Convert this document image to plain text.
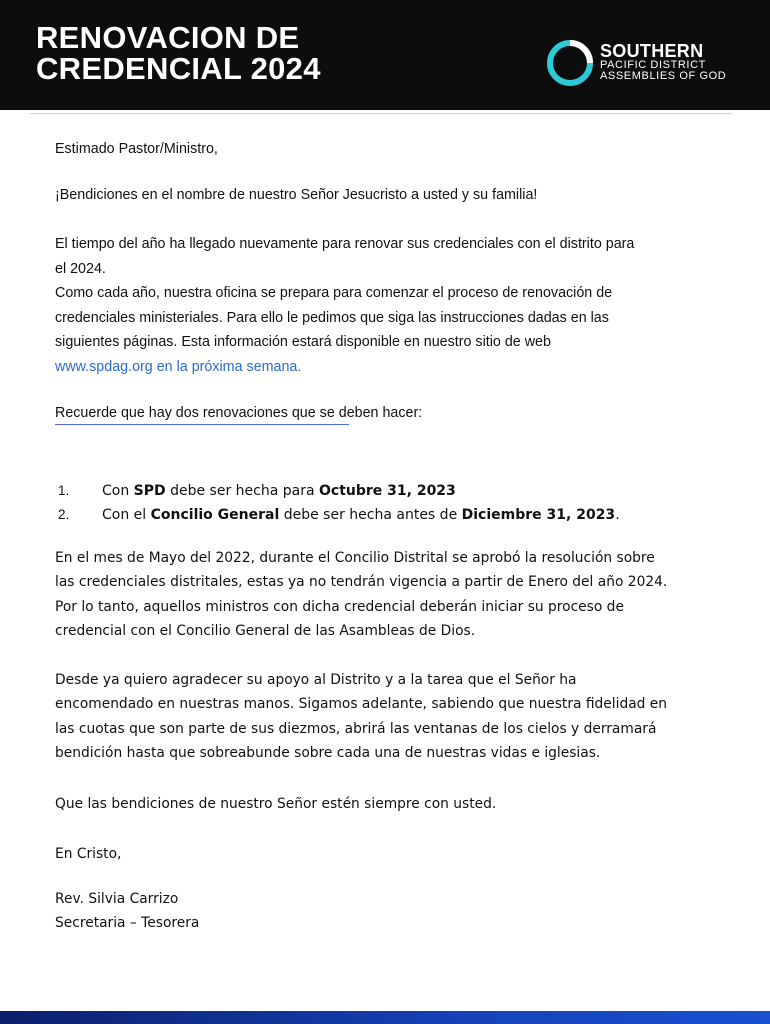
RENOVACION DE
CREDENCIAL 2024	SOUTHERN
PACIFIC DISTRICT
ASSEMBLIES OF GOD

Estimado Pastor/Ministro,

¡Bendiciones en el nombre de nuestro Señor Jesucristo a usted y su familia!

El tiempo del año ha llegado nuevamente para renovar sus credenciales con el distrito para
el 2024.
Como cada año, nuestra oficina se prepara para comenzar el proceso de renovación de
credenciales ministeriales. Para ello le pedimos que siga las instrucciones dadas en las
siguientes páginas. Esta información estará disponible en nuestro sitio de web
www.spdag.org en la próxima semana.

Recuerde que hay dos renovaciones que se deben hacer:

1. Con SPD debe ser hecha para Octubre 31, 2023
2. Con el Concilio General debe ser hecha antes de Diciembre 31, 2023.
En el mes de Mayo del 2022, durante el Concilio Distrital se aprobó la resolución sobre
las credenciales distritales, estas ya no tendrán vigencia a partir de Enero del año 2024.
Por lo tanto, aquellos ministros con dicha credencial deberán iniciar su proceso de
credencial con el Concilio General de las Asambleas de Dios.
Desde ya quiero agradecer su apoyo al Distrito y a la tarea que el Señor ha
encomendado en nuestras manos. Sigamos adelante, sabiendo que nuestra fidelidad en
las cuotas que son parte de sus diezmos, abrirá las ventanas de los cielos y derramará
bendición hasta que sobreabunde sobre cada una de nuestras vidas e iglesias.
Que las bendiciones de nuestro Señor estén siempre con usted.
En Cristo,
Rev. Silvia Carrizo
Secretaria – Tesorera
